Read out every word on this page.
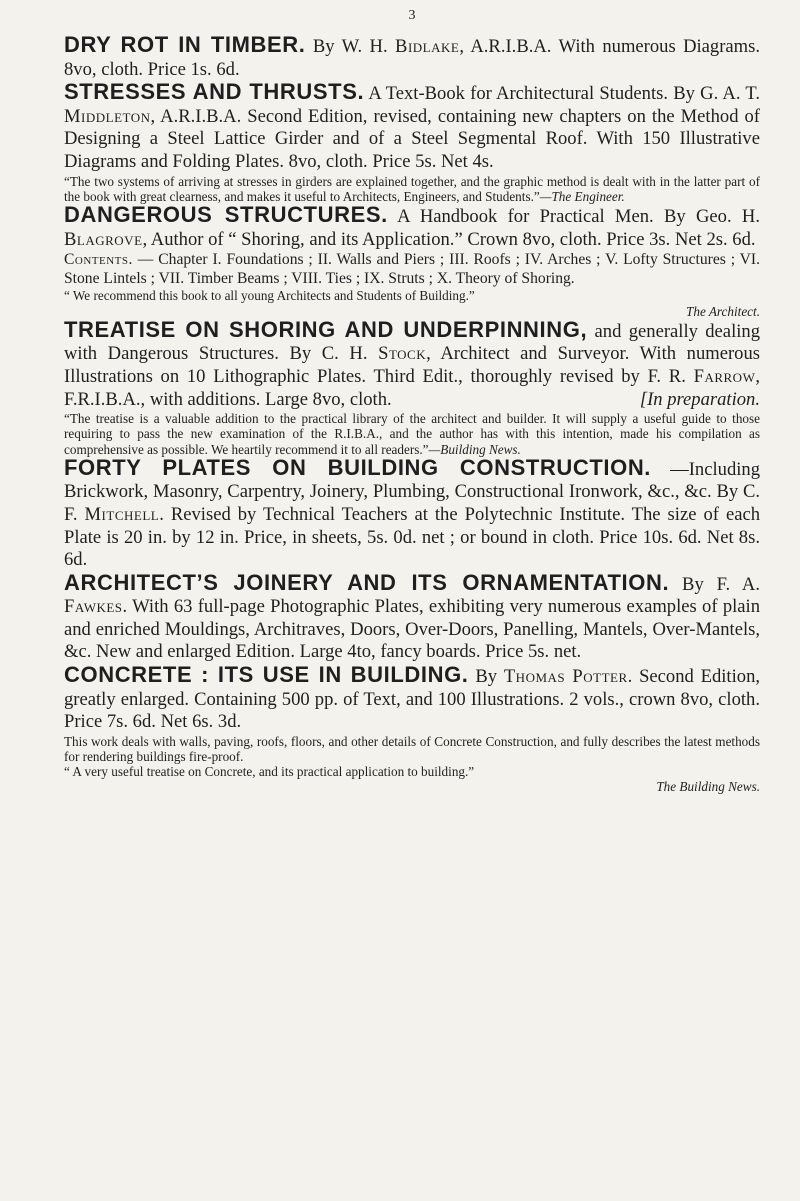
3

DRY ROT IN TIMBER. By W. H. Bidlake, A.R.I.B.A. With numerous Diagrams. 8vo, cloth. Price 1s. 6d.

STRESSES AND THRUSTS. A Text-Book for Architectural Students. By G. A. T. Middleton, A.R.I.B.A. Second Edition, revised, containing new chapters on the Method of Designing a Steel Lattice Girder and of a Steel Segmental Roof. With 150 Illustrative Diagrams and Folding Plates. 8vo, cloth. Price 5s. Net 4s.

“The two systems of arriving at stresses in girders are explained together, and the graphic method is dealt with in the latter part of the book with great clearness, and makes it useful to Architects, Engineers, and Students.”—The Engineer.

DANGEROUS STRUCTURES. A Handbook for Practical Men. By Geo. H. Blagrove, Author of “ Shoring, and its Application.” Crown 8vo, cloth. Price 3s. Net 2s. 6d.

Contents. — Chapter I. Foundations ; II. Walls and Piers ; III. Roofs ; IV. Arches ; V. Lofty Structures ; VI. Stone Lintels ; VII. Timber Beams ; VIII. Ties ; IX. Struts ; X. Theory of Shoring.

“ We recommend this book to all young Architects and Students of Building.”

The Architect.

TREATISE ON SHORING AND UNDERPINNING, and generally dealing with Dangerous Structures. By C. H. Stock, Architect and Surveyor. With numerous Illustrations on 10 Lithographic Plates. Third Edit., thoroughly revised by F. R. Farrow, F.R.I.B.A., with additions. Large 8vo, cloth.	[In preparation.

“The treatise is a valuable addition to the practical library of the architect and builder. It will supply a useful guide to those requiring to pass the new examination of the R.I.B.A., and the author has with this intention, made his compilation as comprehensive as possible. We heartily recommend it to all readers.”—Building News.

FORTY PLATES ON BUILDING CONSTRUCTION. —Including Brickwork, Masonry, Carpentry, Joinery, Plumbing, Constructional Ironwork, &c., &c. By C. F. Mitchell. Revised by Technical Teachers at the Polytechnic Institute. The size of each Plate is 20 in. by 12 in. Price, in sheets, 5s. 0d. net ; or bound in cloth. Price 10s. 6d. Net 8s. 6d.

ARCHITECT’S JOINERY AND ITS ORNAMENTATION. By F. A. Fawkes. With 63 full-page Photographic Plates, exhibiting very numerous examples of plain and enriched Mouldings, Architraves, Doors, Over-Doors, Panelling, Mantels, Over-Mantels, &c. New and enlarged Edition. Large 4to, fancy boards. Price 5s. net.

CONCRETE : ITS USE IN BUILDING. By Thomas Potter. Second Edition, greatly enlarged. Containing 500 pp. of Text, and 100 Illustrations. 2 vols., crown 8vo, cloth. Price 7s. 6d. Net 6s. 3d.

This work deals with walls, paving, roofs, floors, and other details of Concrete Construction, and fully describes the latest methods for rendering buildings fire-proof.

“ A very useful treatise on Concrete, and its practical application to building.”

The Building News.
